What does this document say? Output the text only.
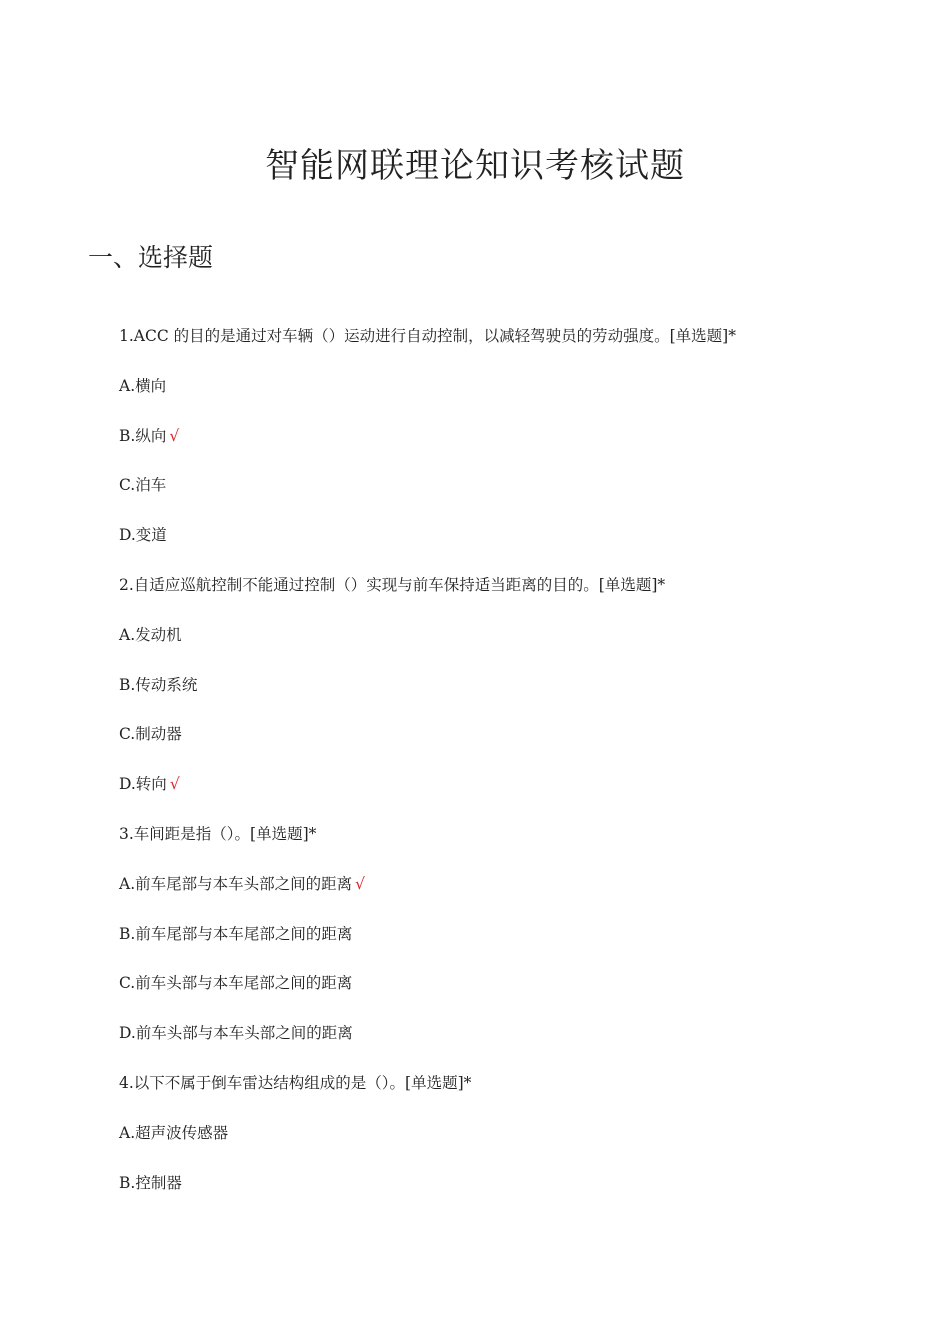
智能网联理论知识考核试题
一、选择题
1.ACC 的目的是通过对车辆（）运动进行自动控制，以减轻驾驶员的劳动强度。[单选题]*
A.横向
B.纵向 √
C.泊车
D.变道
2.自适应巡航控制不能通过控制（）实现与前车保持适当距离的目的。[单选题]*
A.发动机
B.传动系统
C.制动器
D.转向 √
3.车间距是指（）。[单选题]*
A.前车尾部与本车头部之间的距离 √
B.前车尾部与本车尾部之间的距离
C.前车头部与本车尾部之间的距离
D.前车头部与本车头部之间的距离
4.以下不属于倒车雷达结构组成的是（）。[单选题]*
A.超声波传感器
B.控制器
